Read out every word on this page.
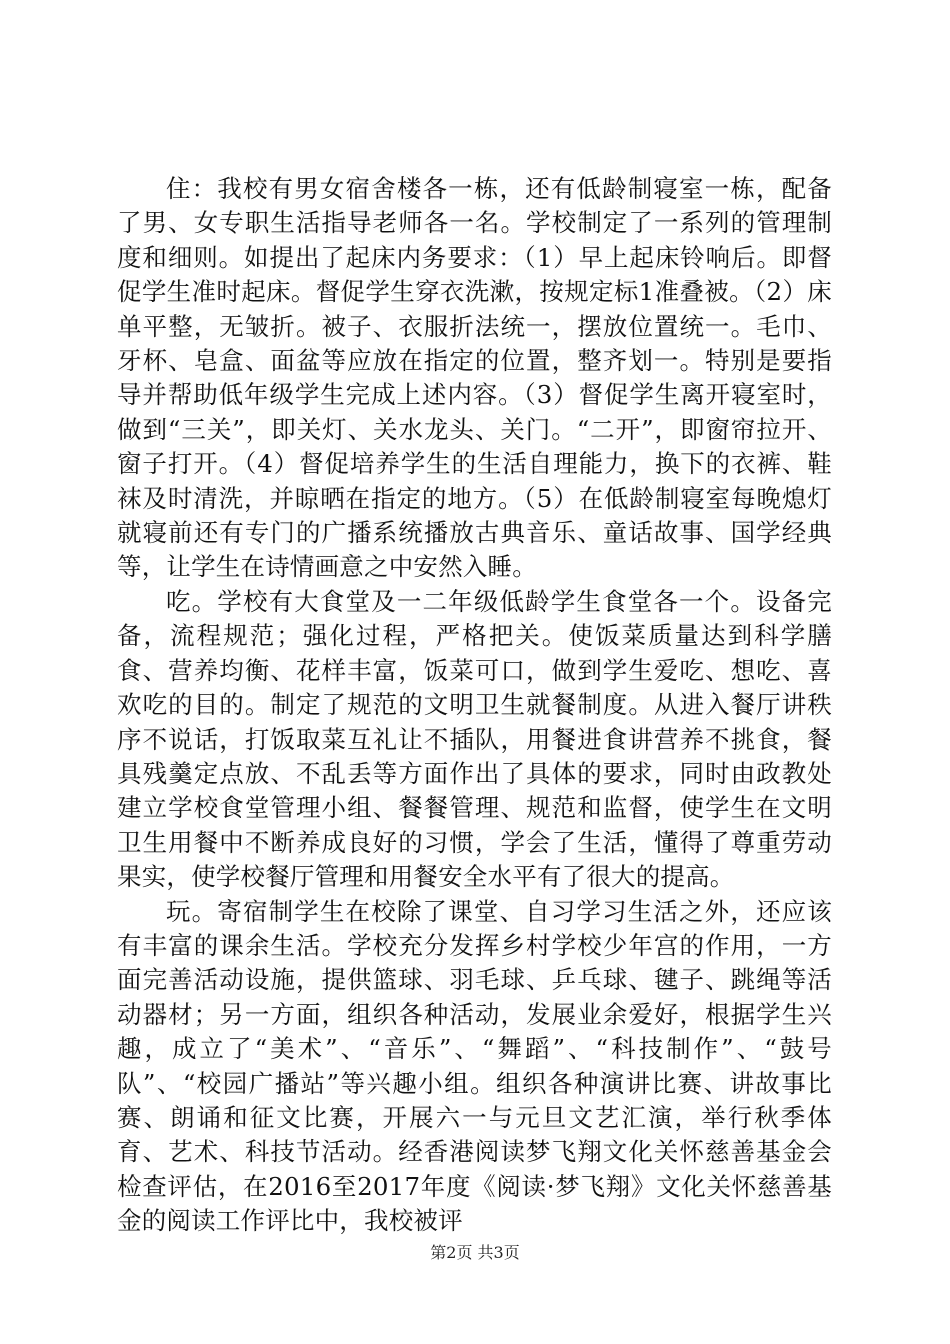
住：我校有男女宿舍楼各一栋，还有低龄制寝室一栋，配备了男、女专职生活指导老师各一名。学校制定了一系列的管理制度和细则。如提出了起床内务要求：（1）早上起床铃响后。即督促学生准时起床。督促学生穿衣洗漱，按规定标1准叠被。（2）床单平整，无皱折。被子、衣服折法统一，摆放位置统一。毛巾、牙杯、皂盒、面盆等应放在指定的位置，整齐划一。特别是要指导并帮助低年级学生完成上述内容。（3）督促学生离开寝室时，做到“三关”，即关灯、关水龙头、关门。“二开”，即窗帘拉开、窗子打开。（4）督促培养学生的生活自理能力，换下的衣裤、鞋袜及时清洗，并晾晒在指定的地方。（5）在低龄制寝室每晚熄灯就寝前还有专门的广播系统播放古典音乐、童话故事、国学经典等，让学生在诗情画意之中安然入睡。

吃。学校有大食堂及一二年级低龄学生食堂各一个。设备完备，流程规范；强化过程，严格把关。使饭菜质量达到科学膳食、营养均衡、花样丰富，饭菜可口，做到学生爱吃、想吃、喜欢吃的目的。制定了规范的文明卫生就餐制度。从进入餐厅讲秩序不说话，打饭取菜互礼让不插队，用餐进食讲营养不挑食，餐具残羹定点放、不乱丢等方面作出了具体的要求，同时由政教处建立学校食堂管理小组、餐餐管理、规范和监督，使学生在文明卫生用餐中不断养成良好的习惯，学会了生活，懂得了尊重劳动果实，使学校餐厅管理和用餐安全水平有了很大的提高。

玩。寄宿制学生在校除了课堂、自习学习生活之外，还应该有丰富的课余生活。学校充分发挥乡村学校少年宫的作用，一方面完善活动设施，提供篮球、羽毛球、乒乓球、毽子、跳绳等活动器材；另一方面，组织各种活动，发展业余爱好，根据学生兴趣，成立了“美术”、“音乐”、“舞蹈”、“科技制作”、“鼓号队”、“校园广播站”等兴趣小组。组织各种演讲比赛、讲故事比赛、朗诵和征文比赛，开展六一与元旦文艺汇演，举行秋季体育、艺术、科技节活动。经香港阅读梦飞翔文化关怀慈善基金会检查评估，在2016至2017年度《阅读·梦飞翔》文化关怀慈善基金的阅读工作评比中，我校被评

第2页 共3页
